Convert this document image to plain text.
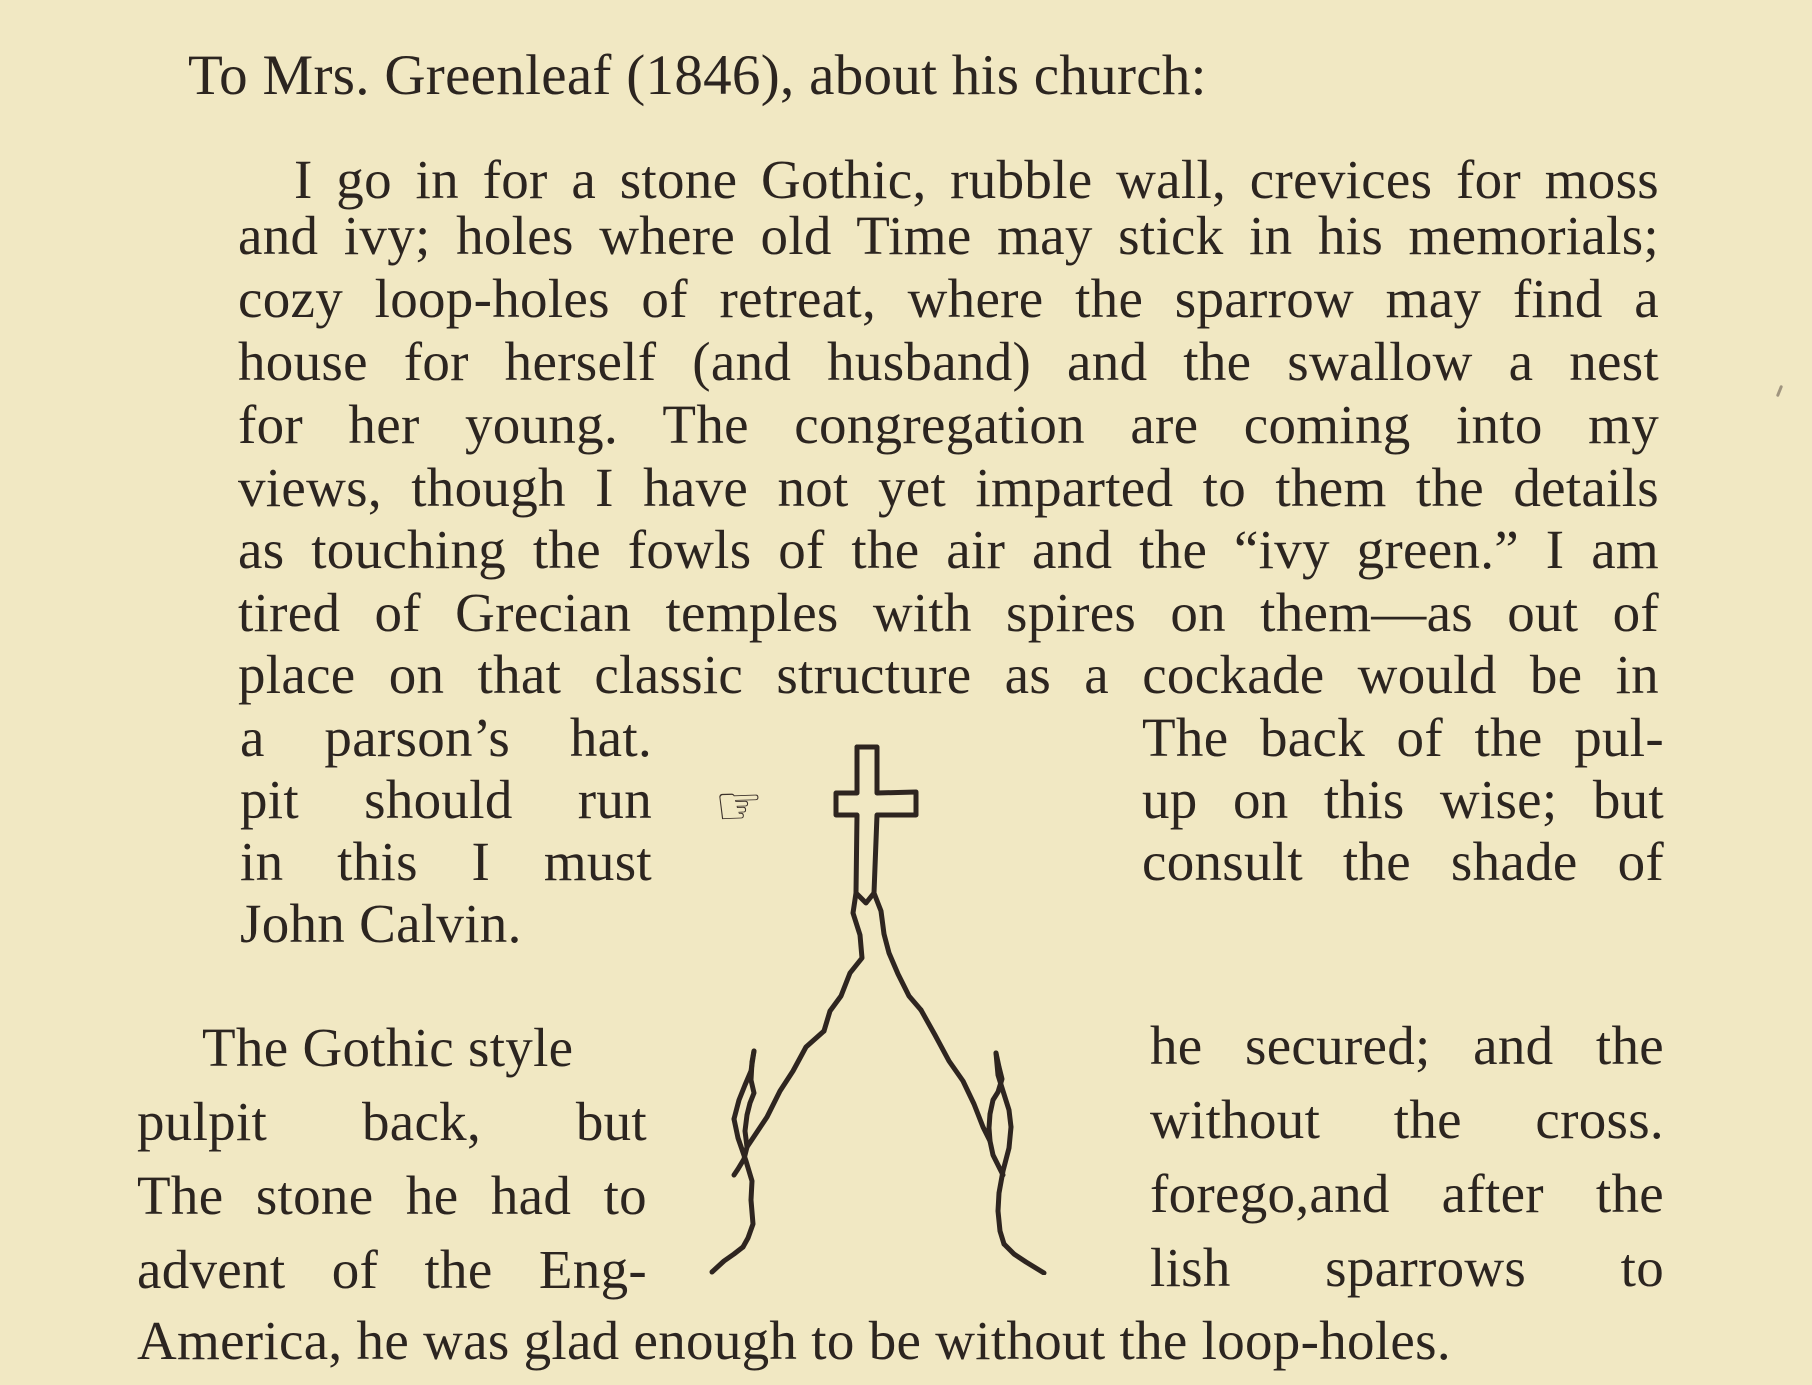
To Mrs. Greenleaf (1846), about his church:
I go in for a stone Gothic, rubble wall, crevices for moss
and ivy; holes where old Time may stick in his memorials;
cozy loop-holes of retreat, where the sparrow may find a
house for herself (and husband) and the swallow a nest
for her young. The congregation are coming into my
views, though I have not yet imparted to them the details
as touching the fowls of the air and the “ivy green.” I am
tired of Grecian temples with spires on them—as out of
place on that classic structure as a cockade would be in
a parson’s hat.
pit should run
in this I must
John Calvin.
The back of the pul-
up on this wise; but
consult the shade of
The Gothic style
pulpit back, but
The stone he had to
advent of the Eng-
he secured; and the
without the cross.
forego,and after the
lish sparrows to
America, he was glad enough to be without the loop-holes.
☞
